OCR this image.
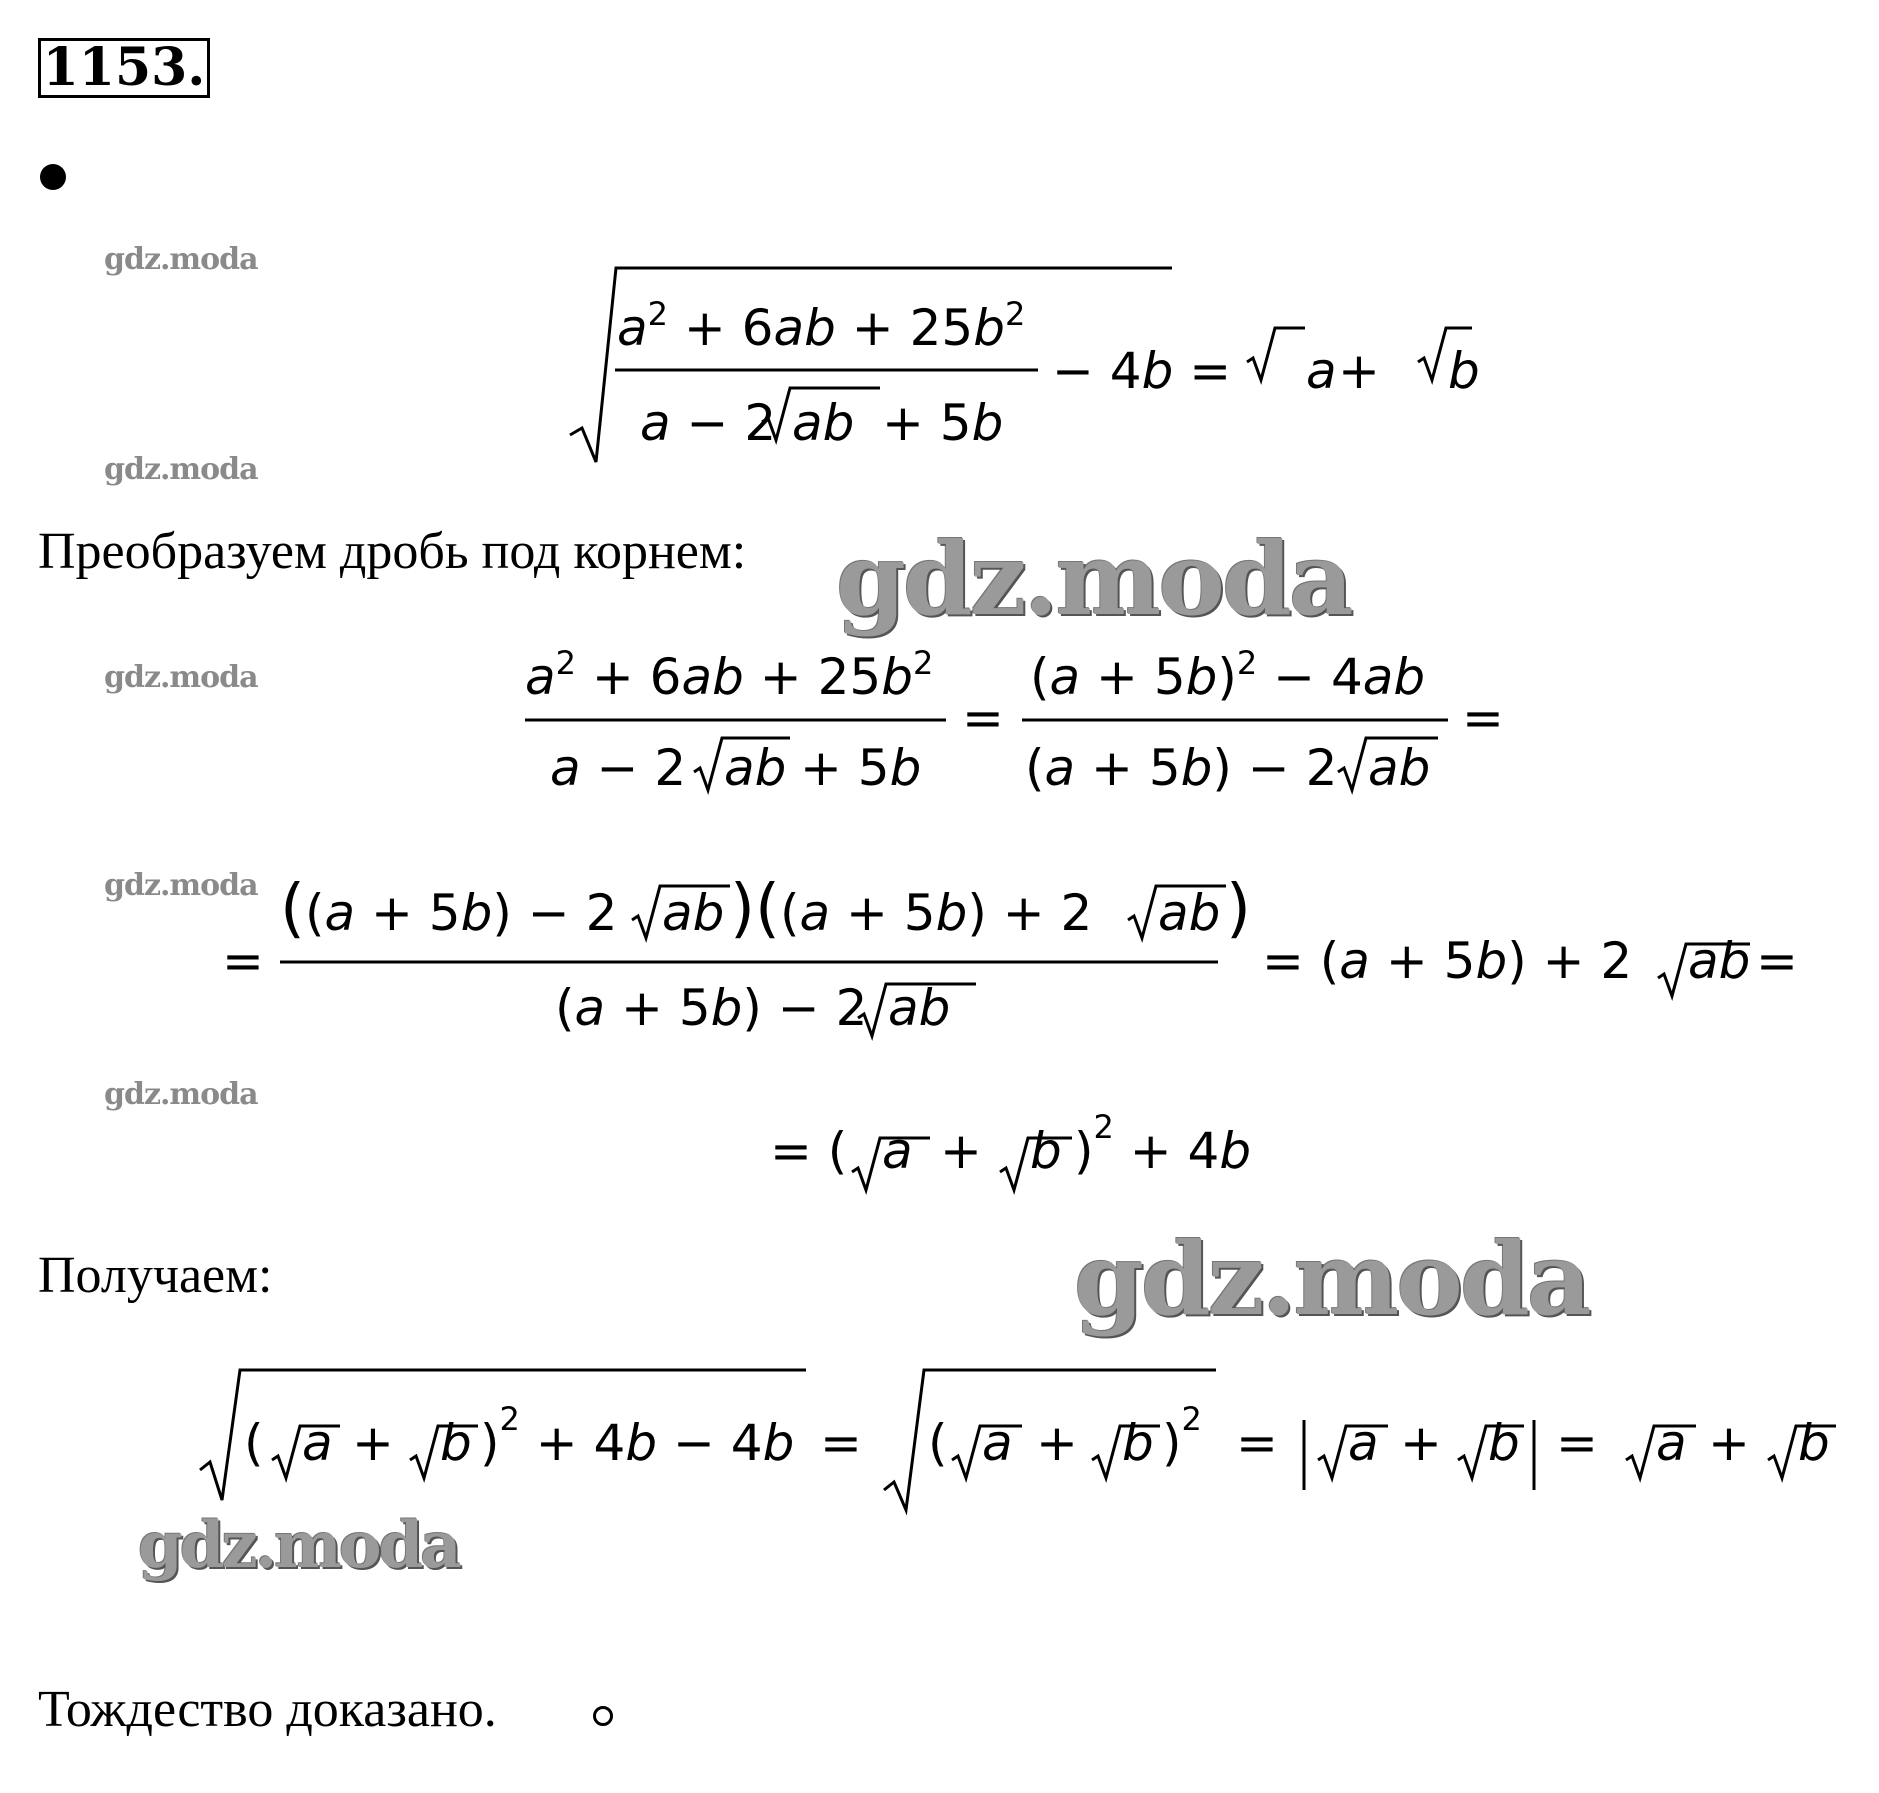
1153.
gdz.moda
gdz.moda
gdz.moda
gdz.moda
gdz.moda
Преобразуем дробь под корнем:
Получаем:
Тождество доказано.
$a^2 + 6ab + 25b^2$
a − 2 ab + 5b
− 4b = a + b
$a^2 + 6ab + 25b^2$
a − 2 ab + 5b
=
$(a + 5b)^2 - 4ab$
(a + 5b) − 2 ab
=
=
((a + 5b) − 2 ab )((a + 5b) + 2 ab )
(a + 5b) − 2 ab
= (a + 5b) + 2 ab =
= ( a + b )$^2$ + 4b
( a + b )$^2$ + 4b − 4b = ( a + b )$^2$ = a + b = a + b
gdz.moda
gdz.moda
gdz.moda
